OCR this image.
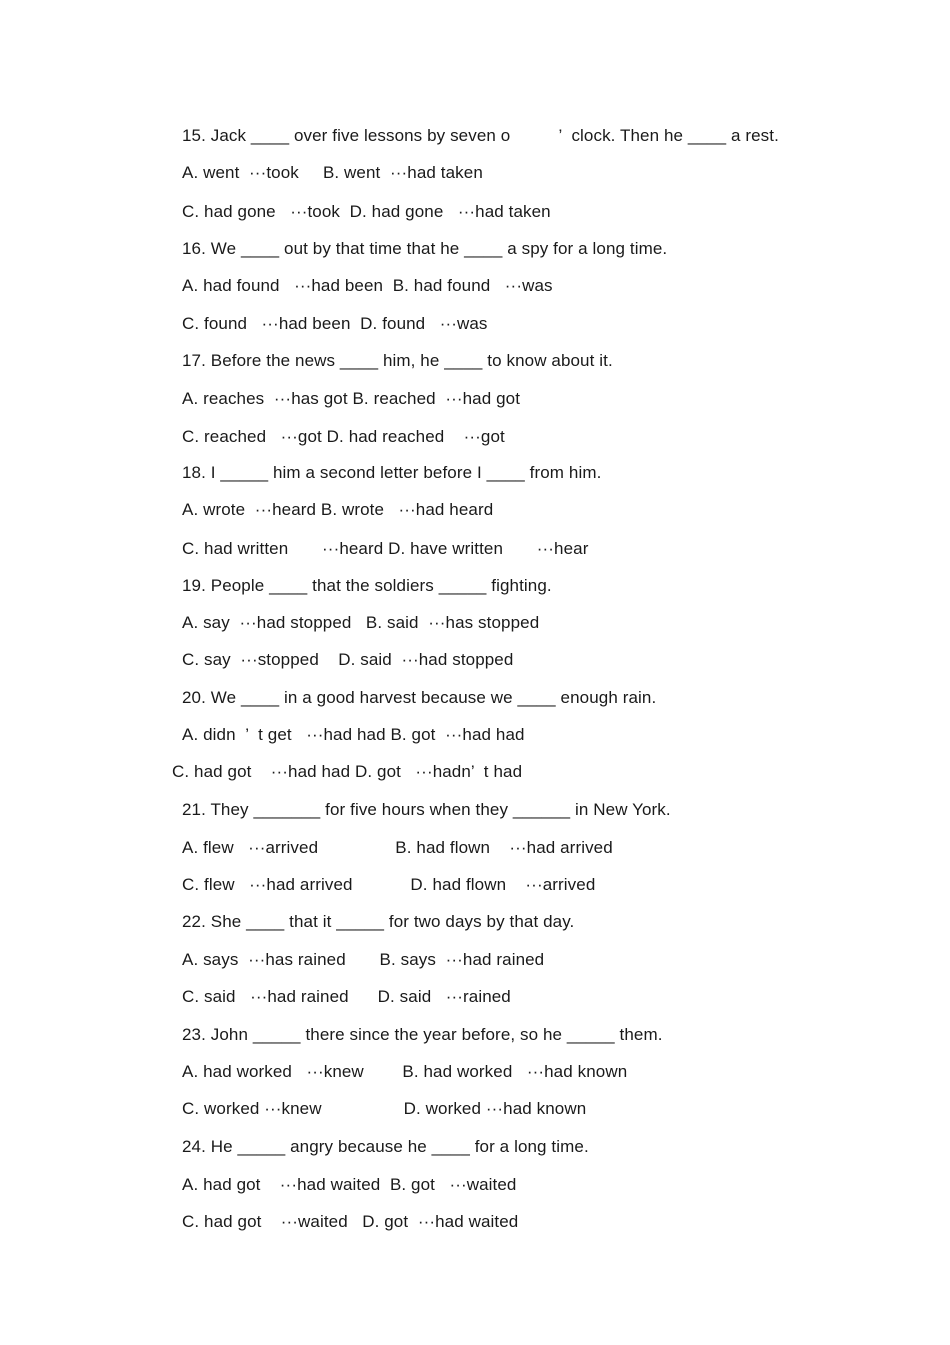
15. Jack ____ over five lessons by seven o          ’  clock. Then he ____ a rest.
A. went  ···took     B. went  ···had taken
C. had gone   ···took  D. had gone   ···had taken
16. We ____ out by that time that he ____ a spy for a long time.
A. had found   ···had been  B. had found   ···was
C. found   ···had been  D. found   ···was
17. Before the news ____ him, he ____ to know about it.
A. reaches  ···has got B. reached  ···had got
C. reached   ···got D. had reached    ···got
18. I _____ him a second letter before I ____ from him.
A. wrote  ···heard B. wrote   ···had heard
C. had written       ···heard D. have written       ···hear
19. People ____ that the soldiers _____ fighting.
A. say  ···had stopped   B. said  ···has stopped
C. say  ···stopped    D. said  ···had stopped
20. We ____ in a good harvest because we ____ enough rain.
A. didn  ’  t get   ···had had B. got  ···had had
C. had got    ···had had D. got   ···hadn’  t had
21. They _______ for five hours when they ______ in New York.
A. flew   ···arrived                B. had flown    ···had arrived
C. flew   ···had arrived            D. had flown    ···arrived
22. She ____ that it _____ for two days by that day.
A. says  ···has rained       B. says  ···had rained
C. said   ···had rained      D. said   ···rained
23. John _____ there since the year before, so he _____ them.
A. had worked   ···knew        B. had worked   ···had known
C. worked ···knew                 D. worked ···had known
24. He _____ angry because he ____ for a long time.
A. had got    ···had waited  B. got   ···waited
C. had got    ···waited   D. got  ···had waited
